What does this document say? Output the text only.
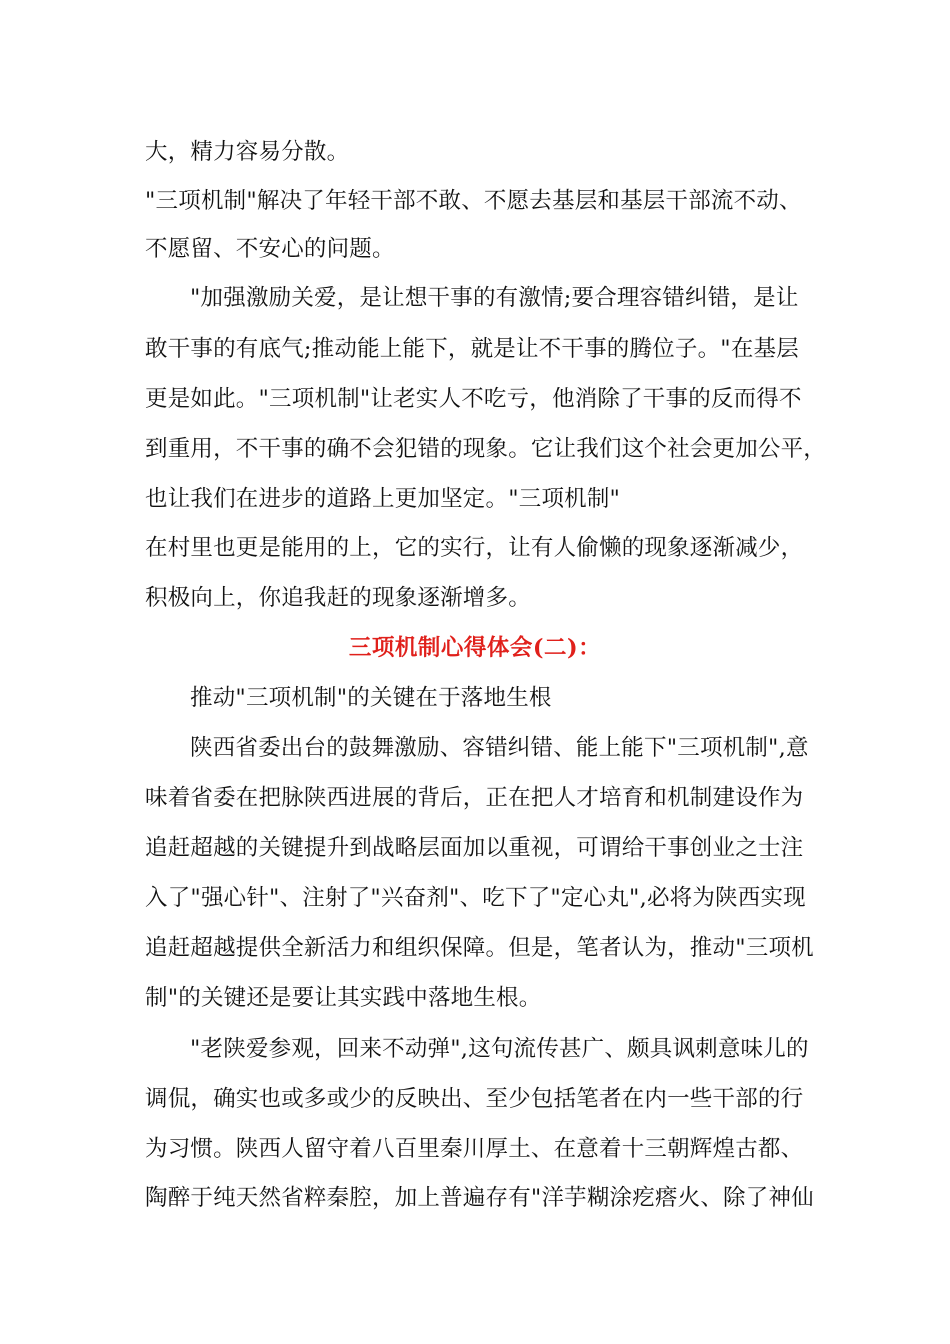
大，精力容易分散。
"三项机制"解决了年轻干部不敢、不愿去基层和基层干部流不动、
不愿留、不安心的问题。
"加强激励关爱，是让想干事的有激情;要合理容错纠错，是让
敢干事的有底气;推动能上能下，就是让不干事的腾位子。"在基层
更是如此。"三项机制"让老实人不吃亏，他消除了干事的反而得不
到重用，不干事的确不会犯错的现象。它让我们这个社会更加公平，
也让我们在进步的道路上更加坚定。"三项机制"
在村里也更是能用的上，它的实行，让有人偷懒的现象逐渐减少，
积极向上，你追我赶的现象逐渐增多。
三项机制心得体会(二)：
推动"三项机制"的关键在于落地生根
陕西省委出台的鼓舞激励、容错纠错、能上能下"三项机制",意
味着省委在把脉陕西进展的背后，正在把人才培育和机制建设作为
追赶超越的关键提升到战略层面加以重视，可谓给干事创业之士注
入了"强心针"、注射了"兴奋剂"、吃下了"定心丸",必将为陕西实现
追赶超越提供全新活力和组织保障。但是，笔者认为，推动"三项机
制"的关键还是要让其实践中落地生根。
"老陕爱参观，回来不动弹",这句流传甚广、颇具讽刺意味儿的
调侃，确实也或多或少的反映出、至少包括笔者在内一些干部的行
为习惯。陕西人留守着八百里秦川厚土、在意着十三朝辉煌古都、
陶醉于纯天然省粹秦腔，加上普遍存有"洋芋糊涂疙瘩火、除了神仙
